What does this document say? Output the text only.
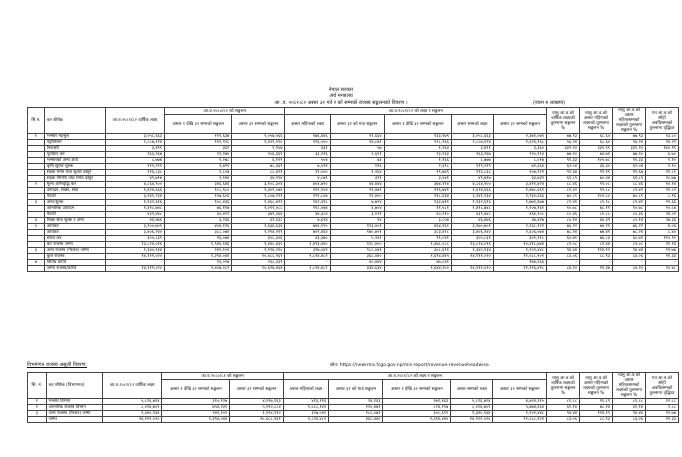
नेपाल सरकार
अर्थ मन्त्रालय
आ .व. २०८१।८२ असार ३२ गते र को सम्मको राजस्व सङ्कलनको विवरण ।	(रकम रु लाखमा)
सि.नं.	कर शीर्षक	आ.व.२०८१/८२ वार्षिक लक्ष्य	आ.व.२०८०/८१ को सङ्कलन		आ.व.२०८१/८२ को लक्ष्य र सङ्कलन					चालु आ.व.को वार्षिक लक्ष्यको तुलनामा सङ्कलन %	चालु आ.व.को असार महिनाको लक्ष्यको तुलनामा सङ्कलन %	चालु आ.व.को असार महिनासम्मको लक्ष्यको तुलनामा सङ्कलन %	गत आ.व.को सोही अवधिसम्मको तुलनामा वृद्धिदर
			असार १ देखि ३२ सम्मको सङ्कलन	असार ३२ सम्मको सङ्कलन	असार महिनाको लक्ष्य	असार ३२ को मात्र सङ्कलन	असार १ देखि ३२ सम्मको सङ्कलन	असार सम्मको लक्ष्य	असार ३२ सम्मको सङ्कलन				
१	भन्सार महसुल	३,०५८,६६३	११९,६३७	२,०५७,५६६	१७६,४४६	११,६६४	१३३,१७९	३,०५८,६६३	२,३७१,०७९	७७.९३	६८.६०	७७.९३	१३.८०
	पेट्रोलियम	२,८८७,१२४	१४९,९१८	१,४२१,११०	११६,५००	१४,८७१	१२८,९६६	२,८८७,१२४	१,६२६,९६८	५६.२४	६८.६०	५६.२४	१४.२१
	निकासी	३,४९१	३६१	२,९५७	३३१	५७	१,२६४	३,४९१	३,३६०	३३१.२०	३३१.९१	३३१.२०	१४०.९१
	पूर्वाधार कर	२६३,२६७	२२,२७४	२०६,३६१	३३,२२६	२,६११	२३,९३३	२६३,२६७	२२०,९१३	७७.२०	७३.७१	७७.२०	६.७०
	भन्सारको अन्य आय	८,७७७	१,२७८	६,१९९	५०४	७३	१,२६६	८,७७७	८,०१७	९१.३३	१०५.७८	९१.३३	१.१०
	कृषि सुधार शुल्क	११९,२२९	२,७९१	७८,३६९	७,५२४	१९६	२,३९८	११९,२२९	७९,६६४	६२.०४	३६.३०	६२.०४	१.१०
	सडक मर्मत तथा सुधार दस्तुर	११६,८३८	१,८०७	८८,४२१	११,०००	१,२६४	१९,७६९	११६,८३८	१०७,१२२	९१.६७	९९.११	९१.६७	११.८१
	सडक निर्माण तथा मर्मत दस्तुर	४९,७१७	२,१४४	३४,११४	४,८७९	३२१	३,०४१	४९,७१७	३३,७३९	६९.८९	७०.४४	६९.८९	२८.७७
२	मूल्य अभिवृद्धि कर	४,८६४,९००	३४६,६४४	३,१०८,३०४	४०४,७१०	४४,४४४	३७४,२१४	४,८६४,९००	३,४११,४२४	८८.४६	९२.०८	८८.४६	१०.१४
	उत्पादन, बिक्री, सेवा	१,६२४,६६६	१८८,९८०	१,३०१,०७४	११२,९०४	११,४७९	११६,७४१	१,६२४,६६६	१,४७८,६६९	८९.४२	९२.८८	८९.४२	११.८१
	पैठारी	३,२४१,२३४	१५७,६०४	१,८०७,२२१	२११,८०७	२२,४००	११८,४३४	३,२४१,२३४	१,९३०,६६६	७०.८१	१०२.८०	७०.८१	८.१६
३	अन्त:शुल्क	१,९३२,६१६	१०८,४३६	१,४६८,४२२	१६२,३९८	७,७२४	१३३,७११	१,९३२,६१६	१,७७१,६७७	८९.४१	८१.१८	८९.४१	११.६६
	आन्तरिक उत्पादन	१,४१८,७४८	७६,११७	१,०९२,०८८	११८,०७४	४,७०४	११,५८१	१,४१८,७४८	१,२०७,१६१	१०.७८	७८.११	१०.७८	१५.८७
	पैठारी	४३९,४४८	३०,४११	३७१,३६४	४४,३८४	३,१२१	४०,२१०	४३९,४४८	४६४,१०८	८०.३६	८१.८८	८०.३६	२४.०१
४	शिक्षा सेवा शुल्क र अन्य	४६,४७६	३,२३६	३२,६३८	७,६२४	१४	३,८०७	४६,४७६	३७,४२७	८०.१४	४४.३९	८०.१४	२७.३६
५	आयकर	३,९००,७०१	४०४,१२६	२,६३४,६३६	७४४,१२०	११३,४०१	४६४,१६१	३,१७०,७०१	२,१३८,१२२	७६.२२	७४.२१	७६.२२	४.०६
	आयकर	३,४०६,२४०	३८८,०७४	२,२९४,२११	७०९,४६४	१७०,७२१	३८३,४२८	३,४०६,२४०	२,६०६,०७४	७८.२४	७७.४१	७८.२४	८.४०
	ब्याज कर	३००,८३१	१६,०७४	३५८,३०६	४३,३७०	५,२४१	११,८४१	३००,८३१	३०१,११८	६०.७१	७६.८३	६०.७१	११०.९१
	कर राजस्व जम्मा	१३,८२४,०१६	१,९४४,१४६	९,४४८,४३०	१,४९३,४४०	११८,४००	१,३७८,०८८	१३,८२४,०१६	१०,४१८,७४४	८९.०८	८१.४४	८९.०८	११.१४
६	अन्य राजस्व (गैरकर) जम्मा	१,३४०,९३४	२४१,१०१	१,१२४,२१०	३२७,०४२	१८८,०७१	३०८,६९१	१,३४०,९३४	१,२०१,४४८	९४.४४	१२४.१२	९४.४४	१९.७७
	कुल राजस्व	१४,१११,०२०	१,३९४,०४४	१०,४८८,९६१	१,८२४,४८२	३६८,४४०	१,६९४,४४५	१४,१११,०२०	११,०८८,१०१	८३.०६	८८.९३	८३.०६	११.३३
७	विविध प्राप्ति	-	१३,०१७	२३८,३३१	-	४०,४४४	४७,८४१	-	१७४,६६६	-	-	-	-
	जम्मा राजस्व/प्राप्ति	१४,१११,०२०	१,४०७,०८२	१०,६२७,४६४	१,८२४,४८२	४३४,६३४	१,६४४,२००	१४,१११,०२०	११,११६,४९८	८४.२०	११.३७	८४.२०	१०.४८
विभागगत राजस्व असुली विवरण:	स्रोत: https://newrmis.fcgo.gov.np/mis-report/revenue-revenueheadwise.
सि. नं.	कर शीर्षक (विभागगत)	आ.व.२०८१/८२ वार्षिक लक्ष्य	आ.व.२०८०/८१ को सङ्कलन		आ.व.२०८१/८२ को लक्ष्य र सङ्कलन					चालु आ.व.को वार्षिक लक्ष्यको तुलनामा सङ्कलन %	चालु आ.व.को असार महिनाको लक्ष्यको तुलनामा सङ्कलन %	चालु आ.व.को असार महिनासम्मको लक्ष्यको तुलनामा सङ्कलन %	गत आ.व.को सोही अवधिसम्मको तुलनामा वृद्धिदर
			असार १ देखि ३२ सम्मको सङ्कलन	असार ३२ सम्मको सङ्कलन	असार महिनाको लक्ष्य	असार ३२ को मात्र सङ्कलन	असार १ देखि ३२ सम्मको सङ्कलन	असार सम्मको लक्ष्य	असार ३२ सम्मको सङ्कलन				
१	भन्सार विभाग	५,८२६,७१४	३१०,९२७	४,१२७,१६३	४१३,११६	२४,१६३	२७१,४६३	५,८२६,७१४	४,७२४,११०	८१.८८	९१.८९	८१.८८	१२.८८
२	आन्तरिक राजस्व विभाग	८,०१४,७०१	७५४,२३१	५,२२०,८८४	१,०८८,१४२	१२०,४७१	८२४,११७	८,०१४,७०१	५,७७४,६६४	६१.१४	७८.१४	६१.१४	१.८८
३	अन्य राजस्व (गैरकर) जम्मा	१,३४०,९३४	२४१,१०१	१,१२४,२१०	३२७,०४२	१८८,०७१	३०८,६९१	१,३४०,९३४	१,२०१,४४८	९४.४४	१२४.१२	९४.४४	११.७७
	जम्मा	१४,१११,०२०	१,३९४,०४४	१०,४८८,९६१	१,८२४,४८२	३६८,४४०	१,६९४,४४५	१४,१११,०२०	११,०८८,१०१	८३.०६	८८.९३	८३.०६	११.३३
